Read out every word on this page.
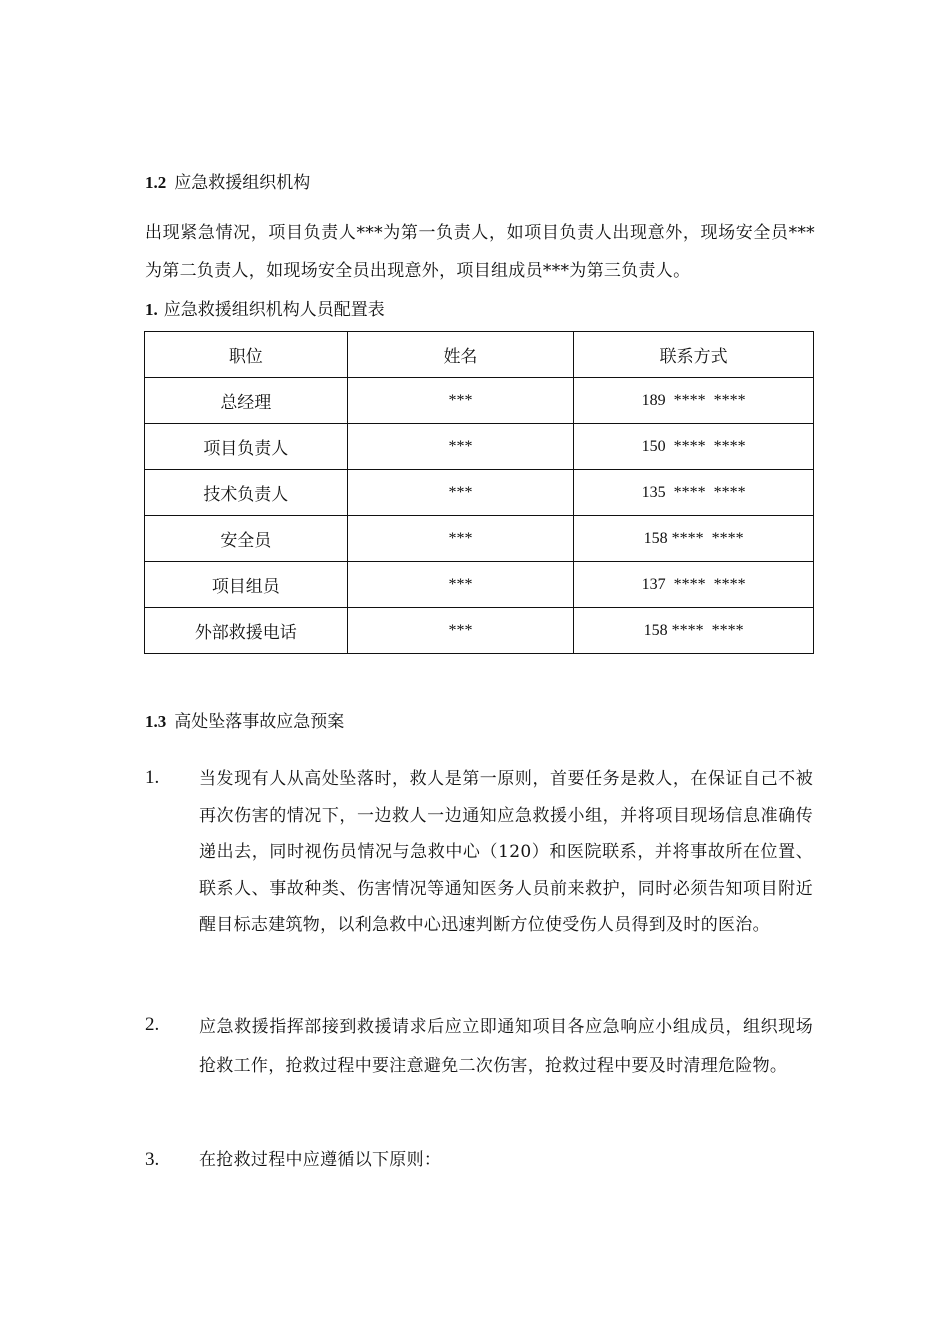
1.2 应急救援组织机构
出现紧急情况，项目负责人***为第一负责人，如项目负责人出现意外，现场安全员***为第二负责人，如现场安全员出现意外，项目组成员***为第三负责人。
1. 应急救援组织机构人员配置表
职位	姓名	联系方式
总经理	***	189  ****  ****
项目负责人	***	150  ****  ****
技术负责人	***	135  ****  ****
安全员	***	158 ****  ****
项目组员	***	137  ****  ****
外部救援电话	***	158 ****  ****
1.3 高处坠落事故应急预案
1. 当发现有人从高处坠落时，救人是第一原则，首要任务是救人，在保证自己不被再次伤害的情况下，一边救人一边通知应急救援小组，并将项目现场信息准确传递出去，同时视伤员情况与急救中心（120）和医院联系，并将事故所在位置、联系人、事故种类、伤害情况等通知医务人员前来救护，同时必须告知项目附近醒目标志建筑物，以利急救中心迅速判断方位使受伤人员得到及时的医治。
2. 应急救援指挥部接到救援请求后应立即通知项目各应急响应小组成员，组织现场抢救工作，抢救过程中要注意避免二次伤害，抢救过程中要及时清理危险物。
3. 在抢救过程中应遵循以下原则：
